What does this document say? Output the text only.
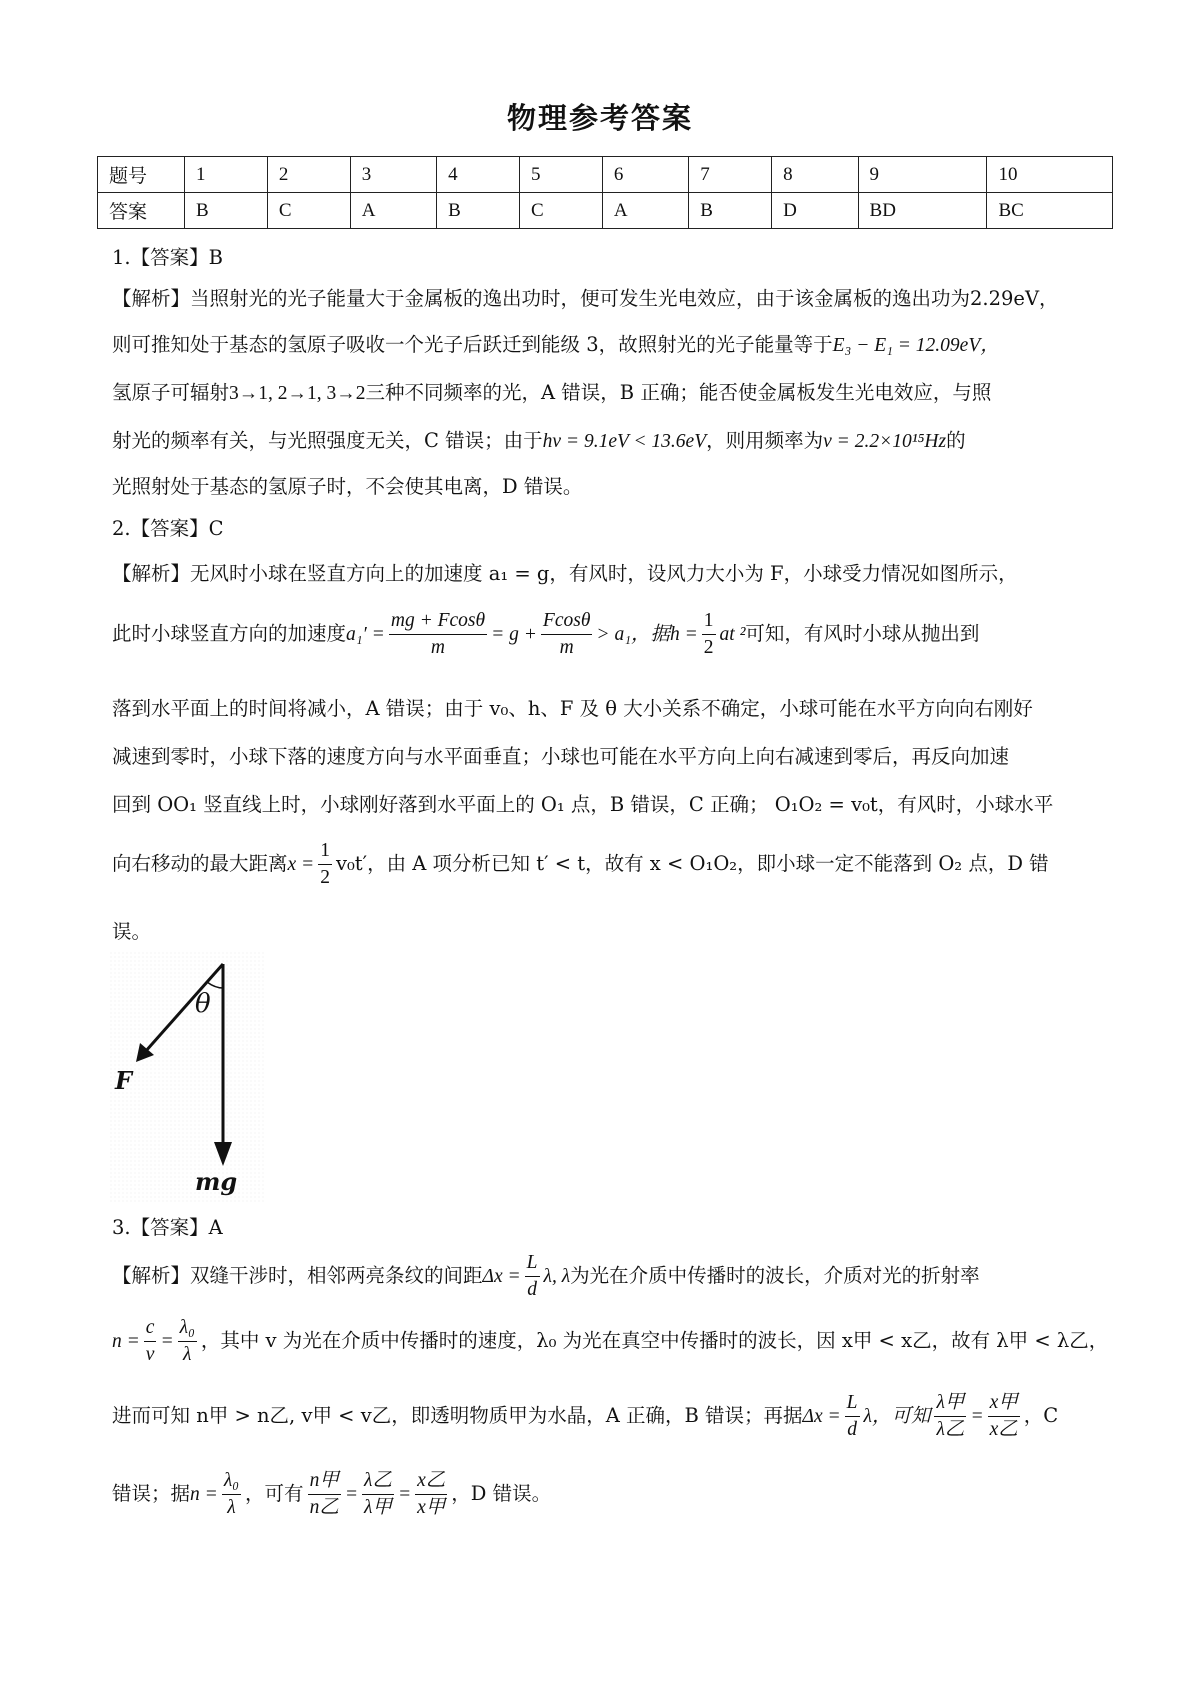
物理参考答案
题号	1	2	3	4	5	6	7	8	9	10
答案	B	C	A	B	C	A	B	D	BD	BC
1.【答案】B
【解析】当照射光的光子能量大于金属板的逸出功时，便可发生光电效应，由于该金属板的逸出功为2.29eV，
则可推知处于基态的氢原子吸收一个光子后跃迁到能级 3，故照射光的光子能量等于E₃ − E₁ = 12.09eV，
氢原子可辐射3→1, 2→1, 3→2三种不同频率的光，A 错误，B 正确；能否使金属板发生光电效应，与照
射光的频率有关，与光照强度无关，C 错误；由于hν = 9.1eV < 13.6eV，则用频率为ν = 2.2×10¹⁵Hz的
光照射处于基态的氢原子时，不会使其电离，D 错误。
2.【答案】C
【解析】无风时小球在竖直方向上的加速度 a₁ = g，有风时，设风力大小为 F，小球受力情况如图所示，
此时小球竖直方向的加速度$a_1' = \frac{mg + Fcos\theta}{m} = g + \frac{Fcos\theta}{m} > a_1$，据$h = \frac{1}{2}$ at ²可知，有风时小球从抛出到
落到水平面上的时间将减小，A 错误；由于 v₀、h、F 及 θ 大小关系不确定，小球可能在水平方向向右刚好
减速到零时，小球下落的速度方向与水平面垂直；小球也可能在水平方向上向右减速到零后，再反向加速
回到 OO₁ 竖直线上时，小球刚好落到水平面上的 O₁ 点，B 错误，C 正确； O₁O₂ = v₀t，有风时，小球水平
向右移动的最大距离$x = \frac{1}{2} v_0t'$，由 A 项分析已知 t′ < t，故有 x < O₁O₂，即小球一定不能落到 O₂ 点，D 错
误。
θ
F
mg
3.【答案】A
【解析】双缝干涉时，相邻两亮条纹的间距$\Delta x = \frac{L}{d} \lambda$, λ为光在介质中传播时的波长，介质对光的折射率
$n = \frac{c}{v} = \frac{\text{λ₀}}{\lambda}$ ，其中 v 为光在介质中传播时的速度，λ₀ 为光在真空中传播时的波长，因 x甲 < x乙，故有 λ甲 < λ乙，
进而可知 n甲 > n乙, v甲 < v乙，即透明物质甲为水晶，A 正确，B 错误；再据$\Delta x = \frac{L}{d}$ λ，可知 $\frac{\text{λ甲}}{\text{λ乙}} = \frac{\text{x甲}}{\text{x乙}}$ ，C
错误；据$n = \frac{\text{λ₀}}{\lambda}$ ，可有 $\frac{\text{n甲}}{\text{n乙}} = \frac{\text{λ乙}}{\text{λ甲}} = \frac{\text{x乙}}{\text{x甲}}$ ，D 错误。
